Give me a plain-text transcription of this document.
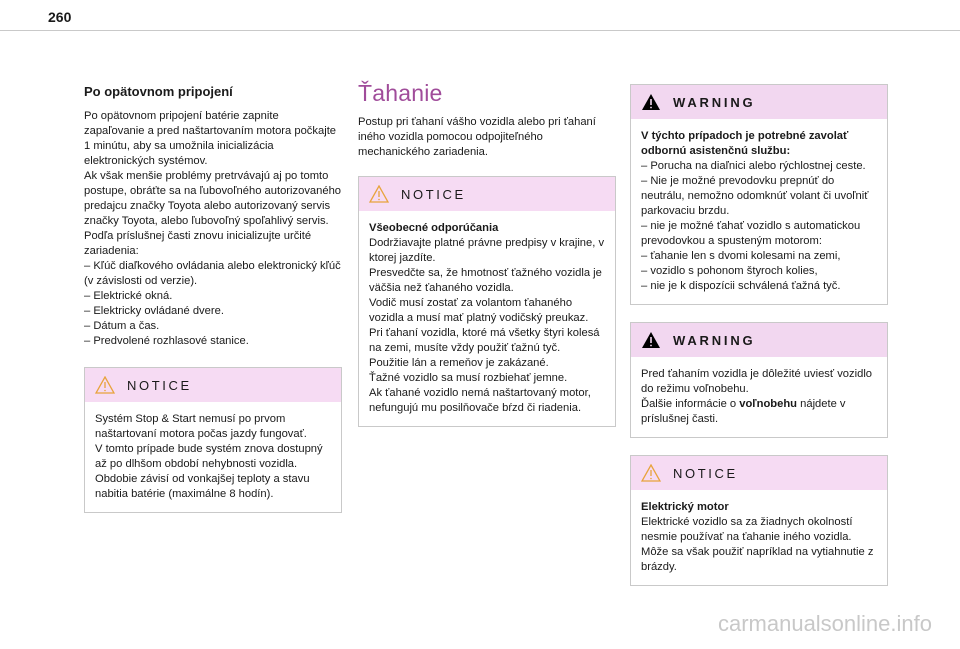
260
Po opätovnom pripojení

Po opätovnom pripojení batérie zapnite zapaľovanie a pred naštartovaním motora počkajte 1 minútu, aby sa umožnila inicializácia elektronických systémov.

Ak však menšie problémy pretrvávajú aj po tomto postupe, obráťte sa na ľubovoľného autorizovaného predajcu značky Toyota alebo autorizovaný servis značky Toyota, alebo ľubovoľný spoľahlivý servis.

Podľa príslušnej časti znovu inicializujte určité zariadenia:

– Kľúč diaľkového ovládania alebo elektronický kľúč (v závislosti od verzie).
– Elektrické okná.
– Elektricky ovládané dvere.
– Dátum a čas.
– Predvolené rozhlasové stanice.
NOTICE
Systém Stop & Start nemusí po prvom naštartovaní motora počas jazdy fungovať.
V tomto prípade bude systém znova dostupný až po dlhšom období nehybnosti vozidla.
Obdobie závisí od vonkajšej teploty a stavu nabitia batérie (maximálne 8 hodín).
Ťahanie

Postup pri ťahaní vášho vozidla alebo pri ťahaní iného vozidla pomocou odpojiteľného mechanického zariadenia.

NOTICE
Všeobecné odporúčania
Dodržiavajte platné právne predpisy v krajine, v ktorej jazdíte.
Presvedčte sa, že hmotnosť ťažného vozidla je väčšia než ťahaného vozidla.
Vodič musí zostať za volantom ťahaného vozidla a musí mať platný vodičský preukaz.
Pri ťahaní vozidla, ktoré má všetky štyri kolesá na zemi, musíte vždy použiť ťažnú tyč.
Použitie lán a remeňov je zakázané.
Ťažné vozidlo sa musí rozbiehať jemne.
Ak ťahané vozidlo nemá naštartovaný motor, nefungujú mu posilňovače bŕzd či riadenia.
WARNING
V týchto prípadoch je potrebné zavolať odbornú asistenčnú službu:
– Porucha na diaľnici alebo rýchlostnej ceste.
– Nie je možné prevodovku prepnúť do neutrálu, nemožno odomknúť volant či uvoľniť parkovaciu brzdu.
– nie je možné ťahať vozidlo s automatickou prevodovkou a spusteným motorom:
– ťahanie len s dvomi kolesami na zemi,
– vozidlo s pohonom štyroch kolies,
– nie je k dispozícii schválená ťažná tyč.
WARNING
Pred ťahaním vozidla je dôležité uviesť vozidlo do režimu voľnobehu.
Ďalšie informácie o voľnobehu nájdete v príslušnej časti.
NOTICE
Elektrický motor
Elektrické vozidlo sa za žiadnych okolností nesmie používať na ťahanie iného vozidla.
Môže sa však použiť napríklad na vytiahnutie z brázdy.
carmanualsonline.info
